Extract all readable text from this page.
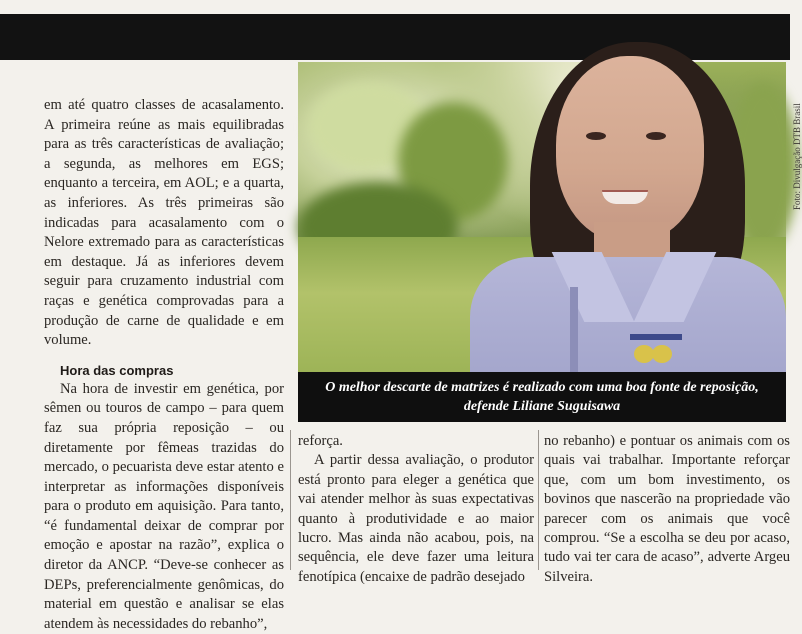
em até quatro classes de acasalamento. A primeira reúne as mais equilibradas para as três características de avaliação; a segunda, as melhores em EGS; enquanto a terceira, em AOL; e a quarta, as inferiores. As três primeiras são indicadas para acasalamento com o Nelore extremado para as características em destaque. Já as inferiores devem seguir para cruzamento industrial com raças e genética comprovadas para a produção de carne de qualidade e em volume.

Hora das compras

Na hora de investir em genética, por sêmen ou touros de campo – para quem faz sua própria reposição – ou diretamente por fêmeas trazidas do mercado, o pecuarista deve estar atento e interpretar as informações disponíveis para o produto em aquisição. Para tanto, “é fundamental deixar de comprar por emoção e apostar na razão”, explica o diretor da ANCP. “Deve-se conhecer as DEPs, preferencialmente genômicas, do material em questão e analisar se elas atendem às necessidades do rebanho”,

Foto: Divulgação DTB Brasil
O melhor descarte de matrizes é realizado com uma boa fonte de reposição, defende Liliane Suguisawa

reforça.

A partir dessa avaliação, o produtor está pronto para eleger a genética que vai atender melhor às suas expectativas quanto à produtividade e ao maior lucro. Mas ainda não acabou, pois, na sequência, ele deve fazer uma leitura fenotípica (encaixe de padrão desejado

no rebanho) e pontuar os animais com os quais vai trabalhar. Importante reforçar que, com um bom investimento, os bovinos que nascerão na propriedade vão parecer com os animais que você comprou. “Se a escolha se deu por acaso, tudo vai ter cara de acaso”, adverte Argeu Silveira.
